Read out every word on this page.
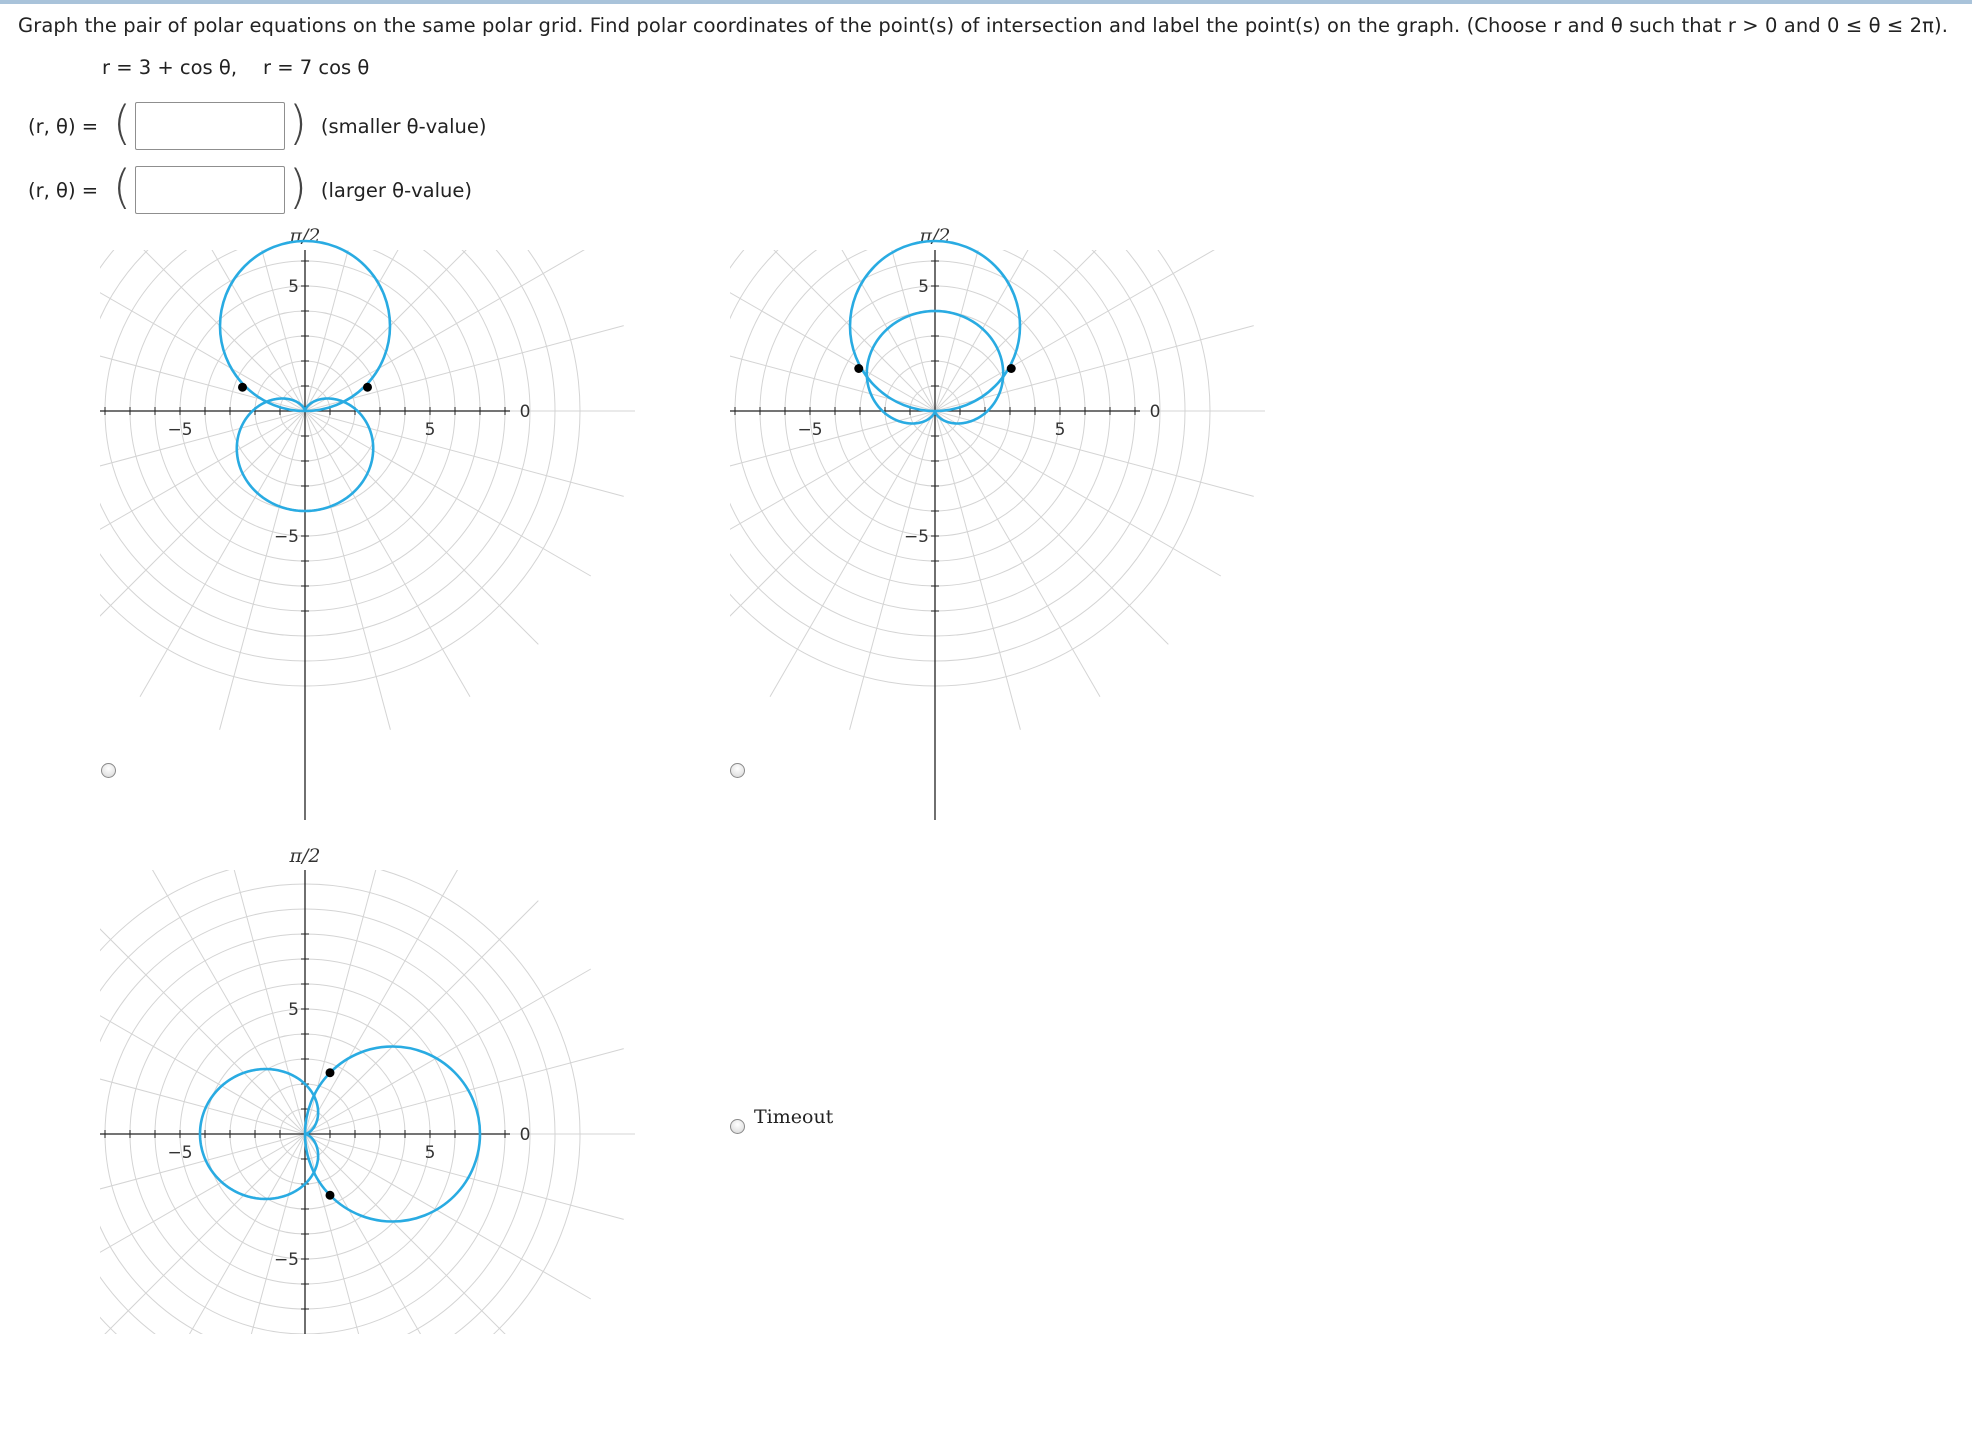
Graph the pair of polar equations on the same polar grid. Find polar coordinates of the point(s) of intersection and label the point(s) on the graph. (Choose r and θ such that r > 0 and 0 ≤ θ ≤ 2π).
r = 3 + cos θ, r = 7 cos θ
(r, θ) = (	) (smaller θ-value)
(r, θ) = (	) (larger θ-value)
π/2
0
−5	5
5
−5
π/2
0
−5	5
5
−5
π/2
0
−5	5
5
−5
Timeout
